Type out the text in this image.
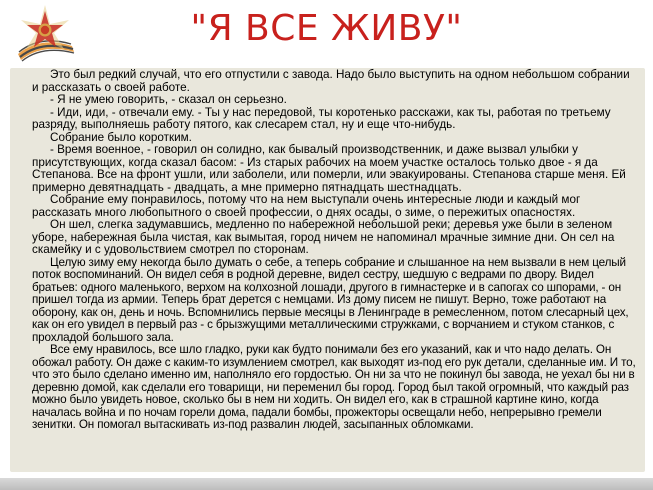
"Я ВСЕ ЖИВУ"

Это был редкий случай, что его отпустили с завода. Надо было выступить на одном небольшом собрании и рассказать о своей работе.

- Я не умею говорить, - сказал он серьезно.

- Иди, иди, - отвечали ему. - Ты у нас передовой, ты коротенько расскажи, как ты, работая по третьему разряду, выполняешь работу пятого, как слесарем стал, ну и еще что-нибудь.

Собрание было коротким.

- Время военное, - говорил он солидно, как бывалый производственник, и даже вызвал улыбки у присутствующих, когда сказал басом: - Из старых рабочих на моем участке осталось только двое - я да Степанова. Все на фронт ушли, или заболели, или померли, или эвакуированы. Степанова старше меня. Ей примерно девятнадцать - двадцать, а мне примерно пятнадцать шестнадцать.

Собрание ему понравилось, потому что на нем выступали очень интересные люди и каждый мог рассказать много любопытного о своей профессии, о днях осады, о зиме, о пережитых опасностях.

Он шел, слегка задумавшись, медленно по набережной небольшой реки; деревья уже были в зеленом уборе, набережная была чистая, как вымытая, город ничем не напоминал мрачные зимние дни. Он сел на скамейку и с удовольствием смотрел по сторонам.

Целую зиму ему некогда было думать о себе, а теперь собрание и слышанное на нем вызвали в нем целый поток воспоминаний. Он видел себя в родной деревне, видел сестру, шедшую с ведрами по двору. Видел братьев: одного маленького, верхом на колхозной лошади, другого в гимнастерке и в сапогах со шпорами, - он пришел тогда из армии. Теперь брат дерется с немцами. Из дому писем не пишут. Верно, тоже работают на оборону, как он, день и ночь. Вспомнились первые месяцы в Ленинграде в ремесленном, потом слесарный цех, как он его увидел в первый раз - с брызжущими металлическими стружками, с ворчанием и стуком станков, с прохладой большого зала.

Все ему нравилось, все шло гладко, руки как будто понимали без его указаний, как и что надо делать. Он обожал работу. Он даже с каким-то изумлением смотрел, как выходят из-под его рук детали, сделанные им. И то, что это было сделано именно им, наполняло его гордостью. Он ни за что не покинул бы завода, не уехал бы ни в деревню домой, как сделали его товарищи, ни переменил бы город. Город был такой огромный, что каждый раз можно было увидеть новое, сколько бы в нем ни ходить. Он видел его, как в страшной картине кино, когда началась война и по ночам горели дома, падали бомбы, прожекторы освещали небо, непрерывно гремели зенитки. Он помогал вытаскивать из-под развалин людей, засыпанных обломками.
